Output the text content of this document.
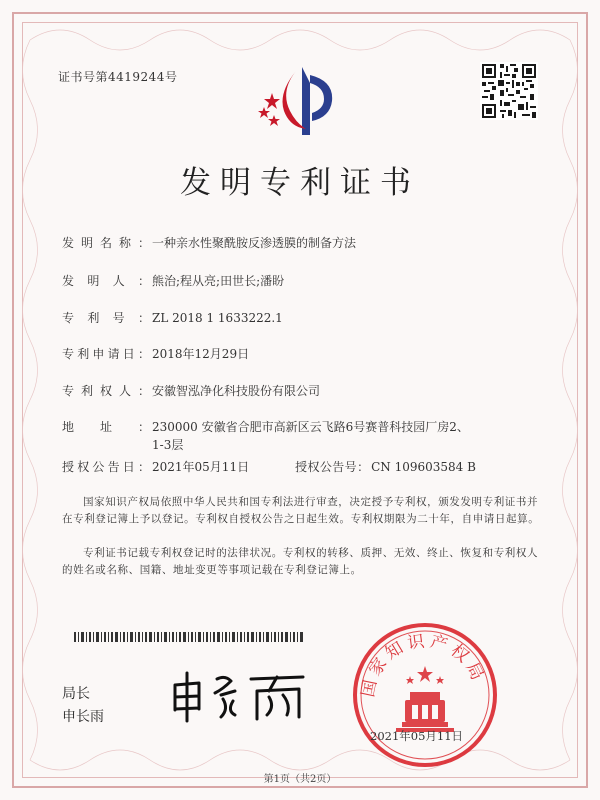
证书号第4419244号
发明专利证书
发明名称： 一种亲水性聚酰胺反渗透膜的制备方法
发明人： 熊治;程从亮;田世长;潘盼
专利号： ZL 2018 1 1633222.1
专利申请日： 2018年12月29日
专利权人： 安徽智泓净化科技股份有限公司
地址： 230000 安徽省合肥市高新区云飞路6号赛普科技园厂房2、1-3层
授权公告日： 2021年05月11日	授权公告号： CN 109603584 B
国家知识产权局依照中华人民共和国专利法进行审查，决定授予专利权，颁发发明专利证书并在专利登记簿上予以登记。专利权自授权公告之日起生效。专利权期限为二十年，自申请日起算。
专利证书记载专利权登记时的法律状况。专利权的转移、质押、无效、终止、恢复和专利权人的姓名或名称、国籍、地址变更等事项记载在专利登记簿上。
局长
申长雨
国家知识产权局
2021年05月11日
第1页（共2页）
